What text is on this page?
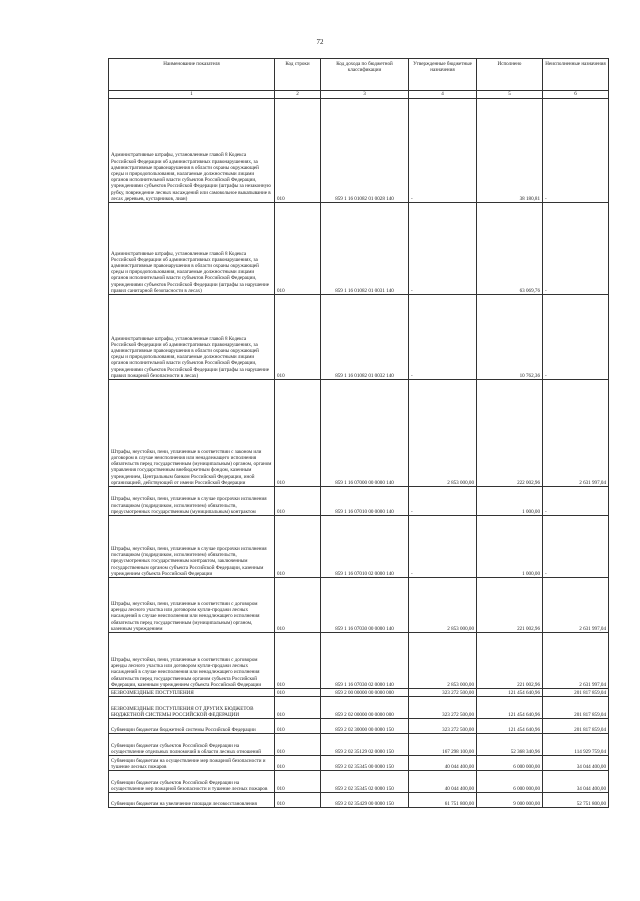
72
Наименование показателя	Код строки	Код дохода по бюджетной классификации	Утвержденные бюджетные назначения	Исполнено	Неисполненные назначения
1	2	3	4	5	6
Административные штрафы, установленные главой 8 Кодекса Российской Федерации об административных правонарушениях, за административные правонарушения в области охраны окружающей среды и природопользования, налагаемые должностными лицами органов исполнительной власти субъектов Российской Федерации, учреждениями субъектов Российской Федерации (штрафы за незаконную рубку, повреждение лесных насаждений или самовольное выкапывание в лесах деревьев, кустарников, лиан)	010	859 1 16 01082 01 0028 140	-	38 180,81	-
Административные штрафы, установленные главой 8 Кодекса Российской Федерации об административных правонарушениях, за административные правонарушения в области охраны окружающей среды и природопользования, налагаемые должностными лицами органов исполнительной власти субъектов Российской Федерации, учреждениями субъектов Российской Федерации (штрафы за нарушение правил санитарной безопасности в лесах)	010	859 1 16 01082 01 0031 140	-	63 069,76	-
Административные штрафы, установленные главой 8 Кодекса Российской Федерации об административных правонарушениях, за административные правонарушения в области охраны окружающей среды и природопользования, налагаемые должностными лицами органов исполнительной власти субъектов Российской Федерации, учреждениями субъектов Российской Федерации (штрафы за нарушение правил пожарной безопасности в лесах)	010	859 1 16 01082 01 0032 140	-	10 762,36	-
Штрафы, неустойки, пени, уплаченные в соответствии с законом или договором в случае неисполнения или ненадлежащего исполнения обязательств перед государственным (муниципальным) органом, органом управления государственным внебюджетным фондом, казенным учреждением, Центральным банком Российской Федерации, иной организацией, действующей от имени Российской Федерации	010	859 1 16 07000 00 0000 140	2 853 000,00	222 002,96	2 631 997,04
Штрафы, неустойки, пени, уплаченные в случае просрочки исполнения поставщиком (подрядчиком, исполнителем) обязательств, предусмотренных государственным (муниципальным) контрактом	010	859 1 16 07010 00 0000 140	-	1 000,00	-
Штрафы, неустойки, пени, уплаченные в случае просрочки исполнения поставщиком (подрядчиком, исполнителем) обязательств, предусмотренных государственным контрактом, заключенным государственным органом субъекта Российской Федерации, казенным учреждением субъекта Российской Федерации	010	859 1 16 07010 02 0000 140	-	1 000,00	-
Штрафы, неустойки, пени, уплаченные в соответствии с договором аренды лесного участка или договором купли-продажи лесных насаждений в случае неисполнения или ненадлежащего исполнения обязательств перед государственным (муниципальным) органом, казенным учреждением	010	859 1 16 07030 00 0000 140	2 853 000,00	221 002,96	2 631 997,04
Штрафы, неустойки, пени, уплаченные в соответствии с договором аренды лесного участка или договором купли-продажи лесных насаждений в случае неисполнения или ненадлежащего исполнения обязательств перед государственным органом субъекта Российской Федерации, казенным учреждением субъекта Российской Федерации	010	859 1 16 07030 02 0000 140	2 853 000,00	221 002,96	2 631 997,04
БЕЗВОЗМЕЗДНЫЕ ПОСТУПЛЕНИЯ	010	859 2 00 00000 00 0000 000	323 272 500,00	121 454 640,96	201 817 859,04
БЕЗВОЗМЕЗДНЫЕ ПОСТУПЛЕНИЯ ОТ ДРУГИХ БЮДЖЕТОВ БЮДЖЕТНОЙ СИСТЕМЫ РОССИЙСКОЙ ФЕДЕРАЦИИ	010	859 2 02 00000 00 0000 000	323 272 500,00	121 454 640,96	201 817 859,04
Субвенции бюджетам бюджетной системы Российской Федерации	010	859 2 02 30000 00 0000 150	323 272 500,00	121 454 640,96	201 817 859,04
Субвенции бюджетам субъектов Российской Федерации на осуществление отдельных полномочий в области лесных отношений	010	859 2 02 35129 02 0000 150	167 298 100,00	52 368 340,96	114 929 759,04
Субвенции бюджетам на осуществление мер пожарной безопасности и тушение лесных пожаров	010	859 2 02 35345 00 0000 150	40 044 400,00	6 000 000,00	34 044 400,00
Субвенции бюджетам субъектов Российской Федерации на осуществление мер пожарной безопасности и тушение лесных пожаров	010	859 2 02 35345 02 0000 150	40 044 400,00	6 000 000,00	34 044 400,00
Субвенции бюджетам на увеличение площади лесовосстановления	010	859 2 02 35429 00 0000 150	61 751 800,00	9 000 000,00	52 751 800,00
